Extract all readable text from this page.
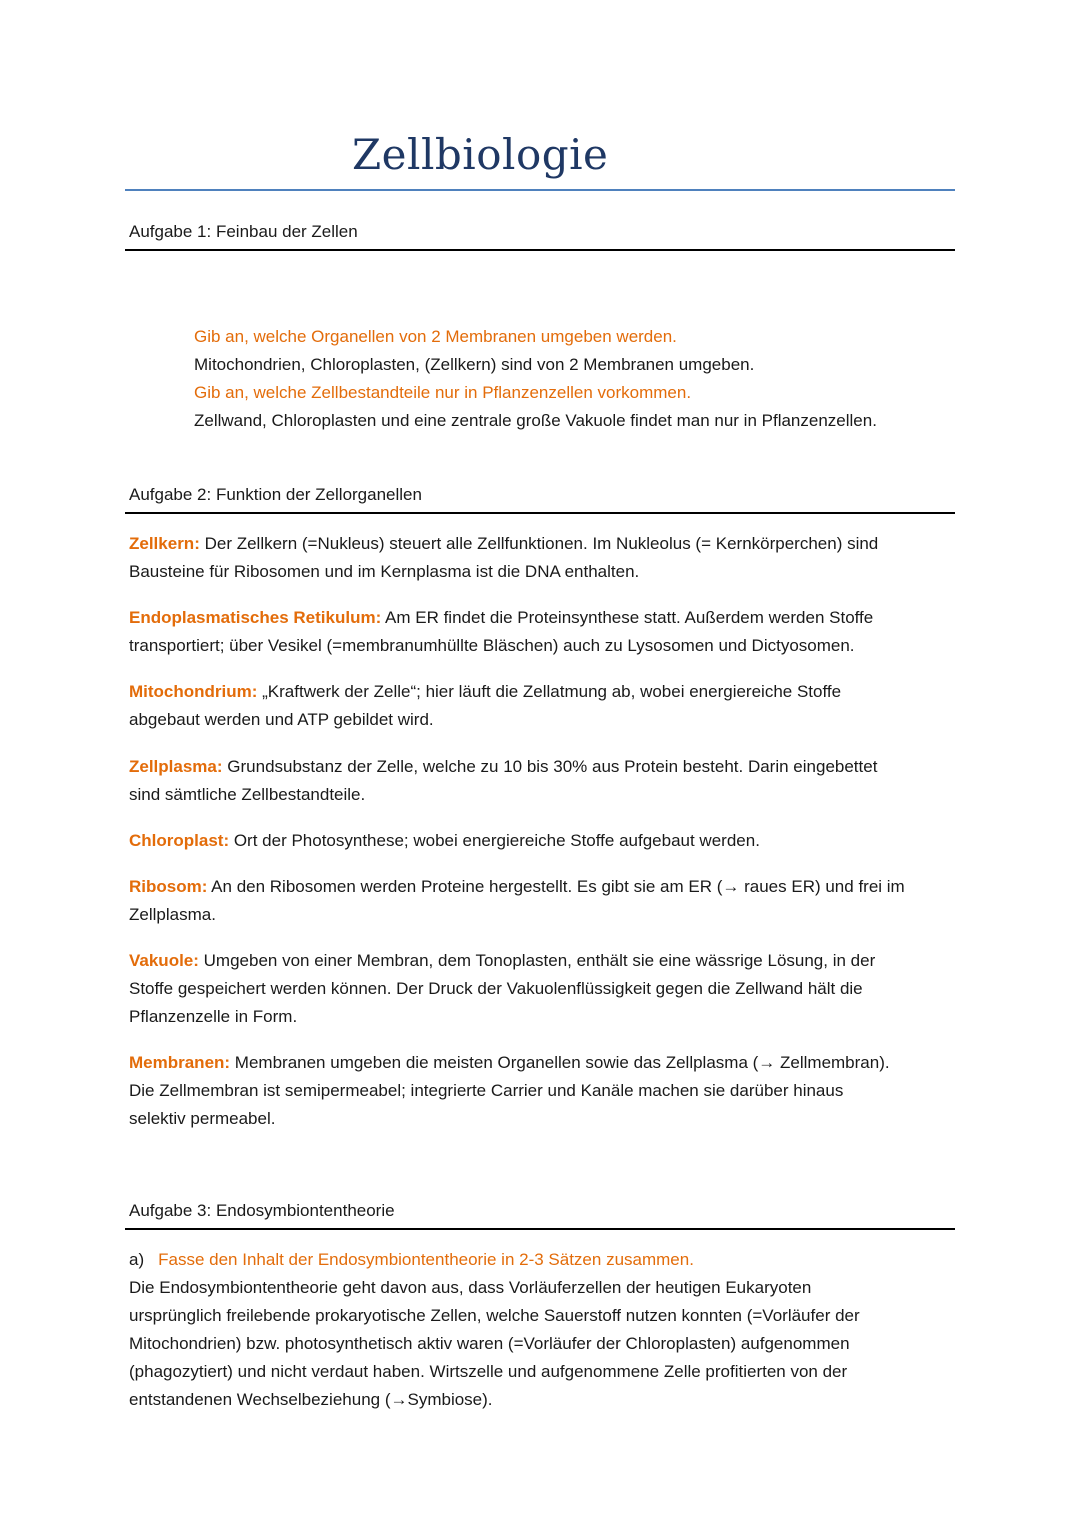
Zellbiologie
Aufgabe 1: Feinbau der Zellen
Gib an, welche Organellen von 2 Membranen umgeben werden.
Mitochondrien, Chloroplasten, (Zellkern) sind von 2 Membranen umgeben.
Gib an, welche Zellbestandteile nur in Pflanzenzellen vorkommen.
Zellwand, Chloroplasten und eine zentrale große Vakuole findet man nur in Pflanzenzellen.
Aufgabe 2: Funktion der Zellorganellen

Zellkern: Der Zellkern (=Nukleus) steuert alle Zellfunktionen. Im Nukleolus (= Kernkörperchen) sind

Bausteine für Ribosomen und im Kernplasma ist die DNA enthalten.

Endoplasmatisches Retikulum: Am ER findet die Proteinsynthese statt. Außerdem werden Stoffe

transportiert; über Vesikel (=membranumhüllte Bläschen) auch zu Lysosomen und Dictyosomen.

Mitochondrium: „Kraftwerk der Zelle“; hier läuft die Zellatmung ab, wobei energiereiche Stoffe

abgebaut werden und ATP gebildet wird.

Zellplasma: Grundsubstanz der Zelle, welche zu 10 bis 30% aus Protein besteht. Darin eingebettet

sind sämtliche Zellbestandteile.

Chloroplast: Ort der Photosynthese; wobei energiereiche Stoffe aufgebaut werden.

Ribosom: An den Ribosomen werden Proteine hergestellt. Es gibt sie am ER (→ raues ER) und frei im

Zellplasma.

Vakuole: Umgeben von einer Membran, dem Tonoplasten, enthält sie eine wässrige Lösung, in der

Stoffe gespeichert werden können. Der Druck der Vakuolenflüssigkeit gegen die Zellwand hält die

Pflanzenzelle in Form.

Membranen: Membranen umgeben die meisten Organellen sowie das Zellplasma (→ Zellmembran).

Die Zellmembran ist semipermeabel; integrierte Carrier und Kanäle machen sie darüber hinaus

selektiv permeabel.

Aufgabe 3: Endosymbiontentheorie
a) Fasse den Inhalt der Endosymbiontentheorie in 2-3 Sätzen zusammen.

Die Endosymbiontentheorie geht davon aus, dass Vorläuferzellen der heutigen Eukaryoten

ursprünglich freilebende prokaryotische Zellen, welche Sauerstoff nutzen konnten (=Vorläufer der

Mitochondrien) bzw. photosynthetisch aktiv waren (=Vorläufer der Chloroplasten) aufgenommen

(phagozytiert) und nicht verdaut haben. Wirtszelle und aufgenommene Zelle profitierten von der

entstandenen Wechselbeziehung (→Symbiose).
